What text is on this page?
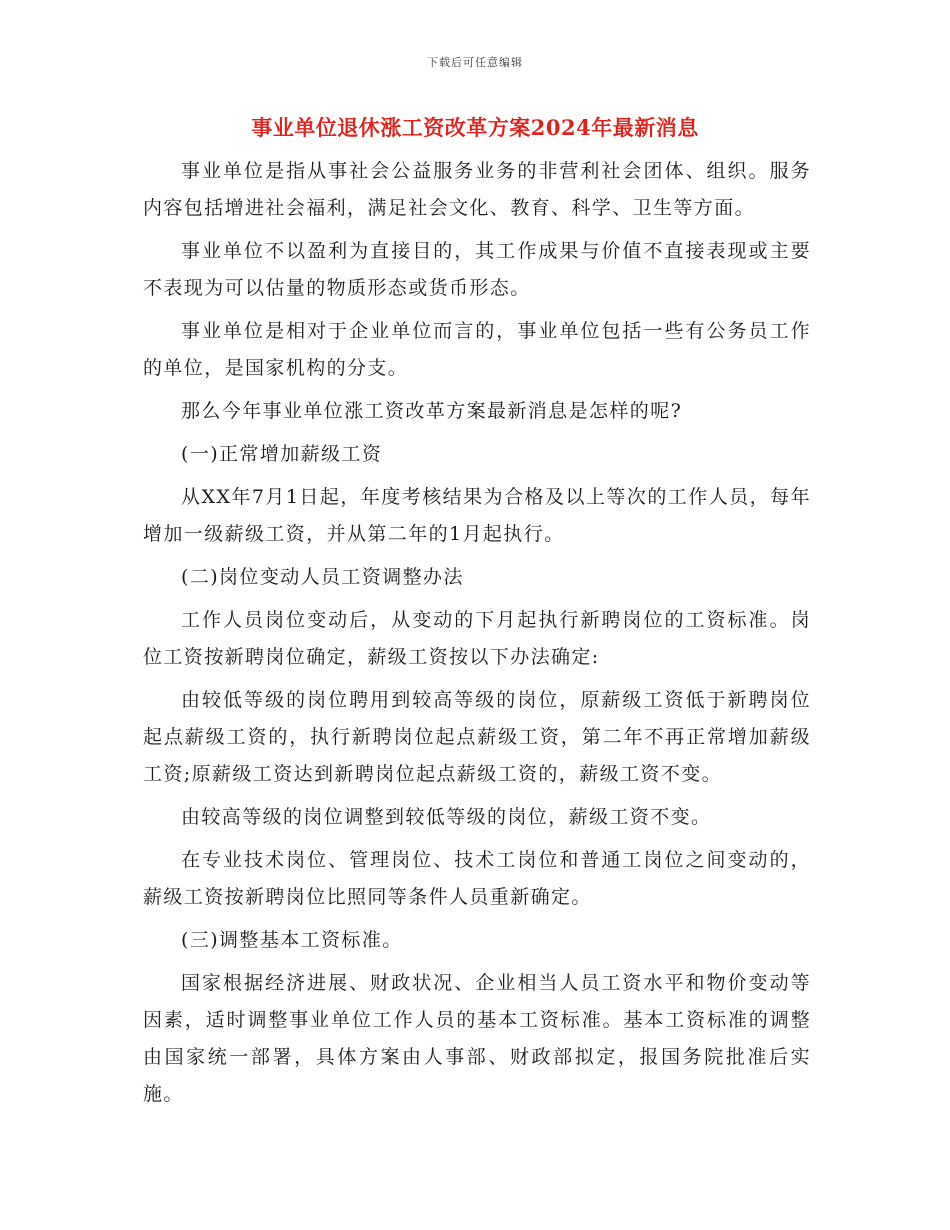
下载后可任意编辑
事业单位退休涨工资改革方案2024年最新消息

事业单位是指从事社会公益服务业务的非营利社会团体、组织。服务内容包括增进社会福利，满足社会文化、教育、科学、卫生等方面。

事业单位不以盈利为直接目的，其工作成果与价值不直接表现或主要不表现为可以估量的物质形态或货币形态。

事业单位是相对于企业单位而言的，事业单位包括一些有公务员工作的单位，是国家机构的分支。

那么今年事业单位涨工资改革方案最新消息是怎样的呢?

(一)正常增加薪级工资

从XX年7月1日起，年度考核结果为合格及以上等次的工作人员，每年增加一级薪级工资，并从第二年的1月起执行。

(二)岗位变动人员工资调整办法

工作人员岗位变动后，从变动的下月起执行新聘岗位的工资标准。岗位工资按新聘岗位确定，薪级工资按以下办法确定:

由较低等级的岗位聘用到较高等级的岗位，原薪级工资低于新聘岗位起点薪级工资的，执行新聘岗位起点薪级工资，第二年不再正常增加薪级工资;原薪级工资达到新聘岗位起点薪级工资的，薪级工资不变。

由较高等级的岗位调整到较低等级的岗位，薪级工资不变。

在专业技术岗位、管理岗位、技术工岗位和普通工岗位之间变动的，薪级工资按新聘岗位比照同等条件人员重新确定。

(三)调整基本工资标准。

国家根据经济进展、财政状况、企业相当人员工资水平和物价变动等因素，适时调整事业单位工作人员的基本工资标准。基本工资标准的调整由国家统一部署，具体方案由人事部、财政部拟定，报国务院批准后实施。
